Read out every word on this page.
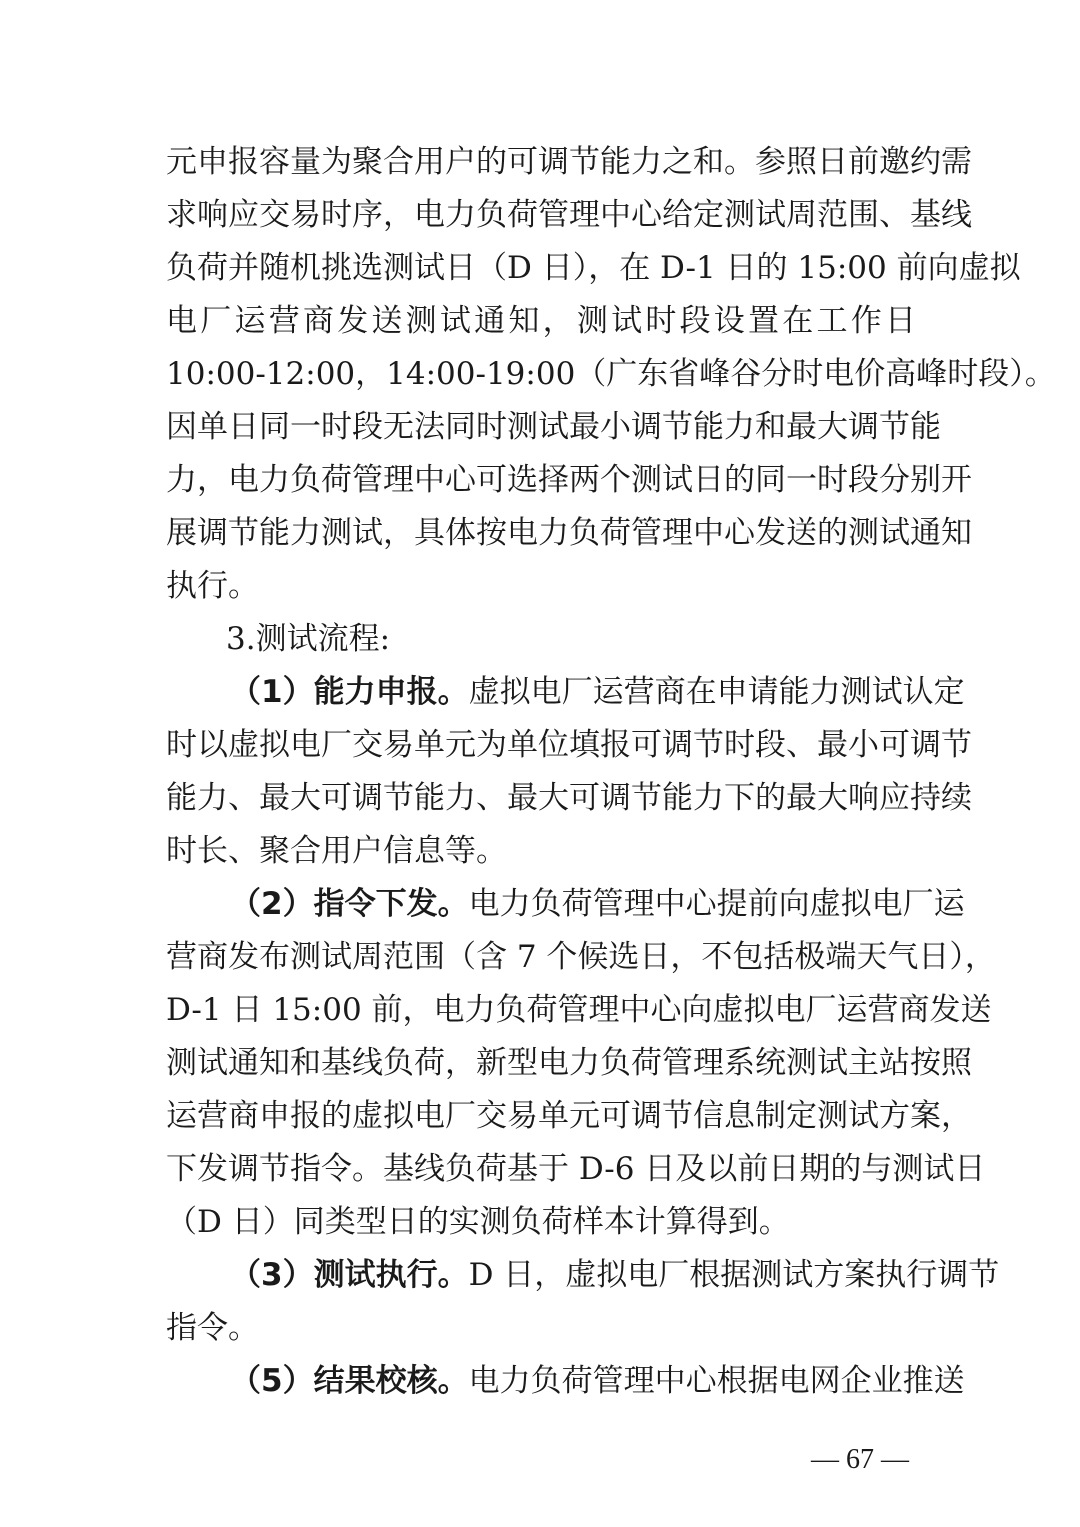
元申报容量为聚合用户的可调节能力之和。参照日前邀约需
求响应交易时序，电力负荷管理中心给定测试周范围、基线
负荷并随机挑选测试日（D 日），在 D-1 日的 15:00 前向虚拟
电厂运营商发送测试通知，测试时段设置在工作日
10:00-12:00，14:00-19:00（广东省峰谷分时电价高峰时段）。
因单日同一时段无法同时测试最小调节能力和最大调节能
力，电力负荷管理中心可选择两个测试日的同一时段分别开
展调节能力测试，具体按电力负荷管理中心发送的测试通知
执行。
3.测试流程:
（1）能力申报。 虚拟电厂运营商在申请能力测试认定
时以虚拟电厂交易单元为单位填报可调节时段、最小可调节
能力、最大可调节能力、最大可调节能力下的最大响应持续
时长、聚合用户信息等。
（2）指令下发。 电力负荷管理中心提前向虚拟电厂运
营商发布测试周范围（含 7 个候选日，不包括极端天气日），
D-1 日 15:00 前，电力负荷管理中心向虚拟电厂运营商发送
测试通知和基线负荷，新型电力负荷管理系统测试主站按照
运营商申报的虚拟电厂交易单元可调节信息制定测试方案，
下发调节指令。基线负荷基于 D-6 日及以前日期的与测试日
（D 日）同类型日的实测负荷样本计算得到。
（3）测试执行。 D 日，虚拟电厂根据测试方案执行调节
指令。
（5）结果校核。 电力负荷管理中心根据电网企业推送
— 67 —
